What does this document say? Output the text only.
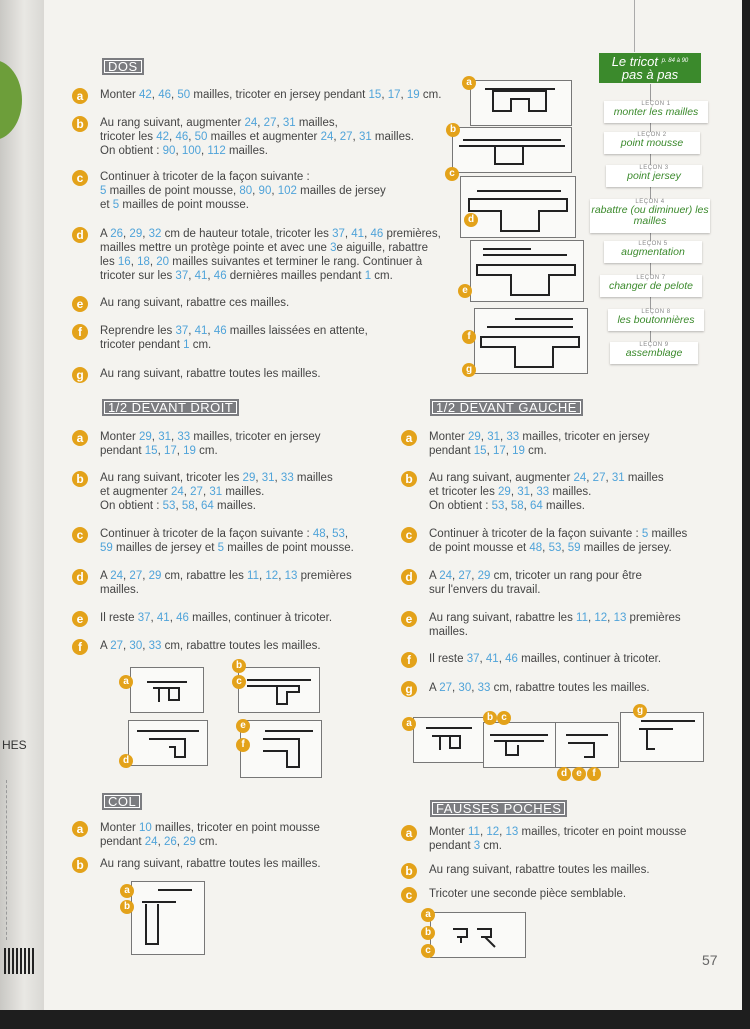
HES
DOS
1/2 DEVANT DROIT	1/2 DEVANT GAUCHE
COL	FAUSSES POCHES
a	Monter 42, 46, 50 mailles, tricoter en jersey pendant 15, 17, 19 cm.
b	Au rang suivant, augmenter 24, 27, 31 mailles,
tricoter les 42, 46, 50 mailles et augmenter 24, 27, 31 mailles.
On obtient : 90, 100, 112 mailles.
c	Continuer à tricoter de la façon suivante :
5 mailles de point mousse, 80, 90, 102 mailles de jersey
et 5 mailles de point mousse.
d	A 26, 29, 32 cm de hauteur totale, tricoter les 37, 41, 46 premières,
mailles mettre un protège pointe et avec une 3e aiguille, rabattre
les 16, 18, 20 mailles suivantes et terminer le rang. Continuer à
tricoter sur les 37, 41, 46 dernières mailles pendant 1 cm.
e	Au rang suivant, rabattre ces mailles.
f	Reprendre les 37, 41, 46 mailles laissées en attente,
tricoter pendant 1 cm.
g	Au rang suivant, rabattre toutes les mailles.
a	Monter 29, 31, 33 mailles, tricoter en jersey
pendant 15, 17, 19 cm.
b	Au rang suivant, tricoter les 29, 31, 33 mailles
et augmenter 24, 27, 31 mailles.
On obtient : 53, 58, 64 mailles.
c	Continuer à tricoter de la façon suivante : 48, 53,
59 mailles de jersey et 5 mailles de point mousse.
d	A 24, 27, 29 cm, rabattre les 11, 12, 13 premières
mailles.
e	Il reste 37, 41, 46 mailles, continuer à tricoter.
f	A 27, 30, 33 cm, rabattre toutes les mailles.
a	Monter 29, 31, 33 mailles, tricoter en jersey
pendant 15, 17, 19 cm.
b	Au rang suivant, augmenter 24, 27, 31 mailles
et tricoter les 29, 31, 33 mailles.
On obtient : 53, 58, 64 mailles.
c	Continuer à tricoter de la façon suivante : 5 mailles
de point mousse et 48, 53, 59 mailles de jersey.
d	A 24, 27, 29 cm, tricoter un rang pour être
sur l'envers du travail.
e	Au rang suivant, rabattre les 11, 12, 13 premières
mailles.
f	Il reste 37, 41, 46 mailles, continuer à tricoter.
g	A 27, 30, 33 cm, rabattre toutes les mailles.
a	Monter 10 mailles, tricoter en point mousse
pendant 24, 26, 29 cm.
b	Au rang suivant, rabattre toutes les mailles.
a	Monter 11, 12, 13 mailles, tricoter en point mousse
pendant 3 cm.
b	Au rang suivant, rabattre toutes les mailles.
c	Tricoter une seconde pièce semblable.
a
b
c
d
e
f
g
Le tricot $^{p. 84 à 90}$
pas à pas
LEÇON 1
monter les mailles
LEÇON 2
point mousse
LEÇON 3
point jersey
LEÇON 4
rabattre (ou diminuer) les mailles
LEÇON 5
augmentation
LEÇON 7
changer de pelote
LEÇON 8
les boutonnières
LEÇON 9
assemblage
a
b
c
d
e
f
a
b c
g
d e	f
a
b
a
b
c
57
